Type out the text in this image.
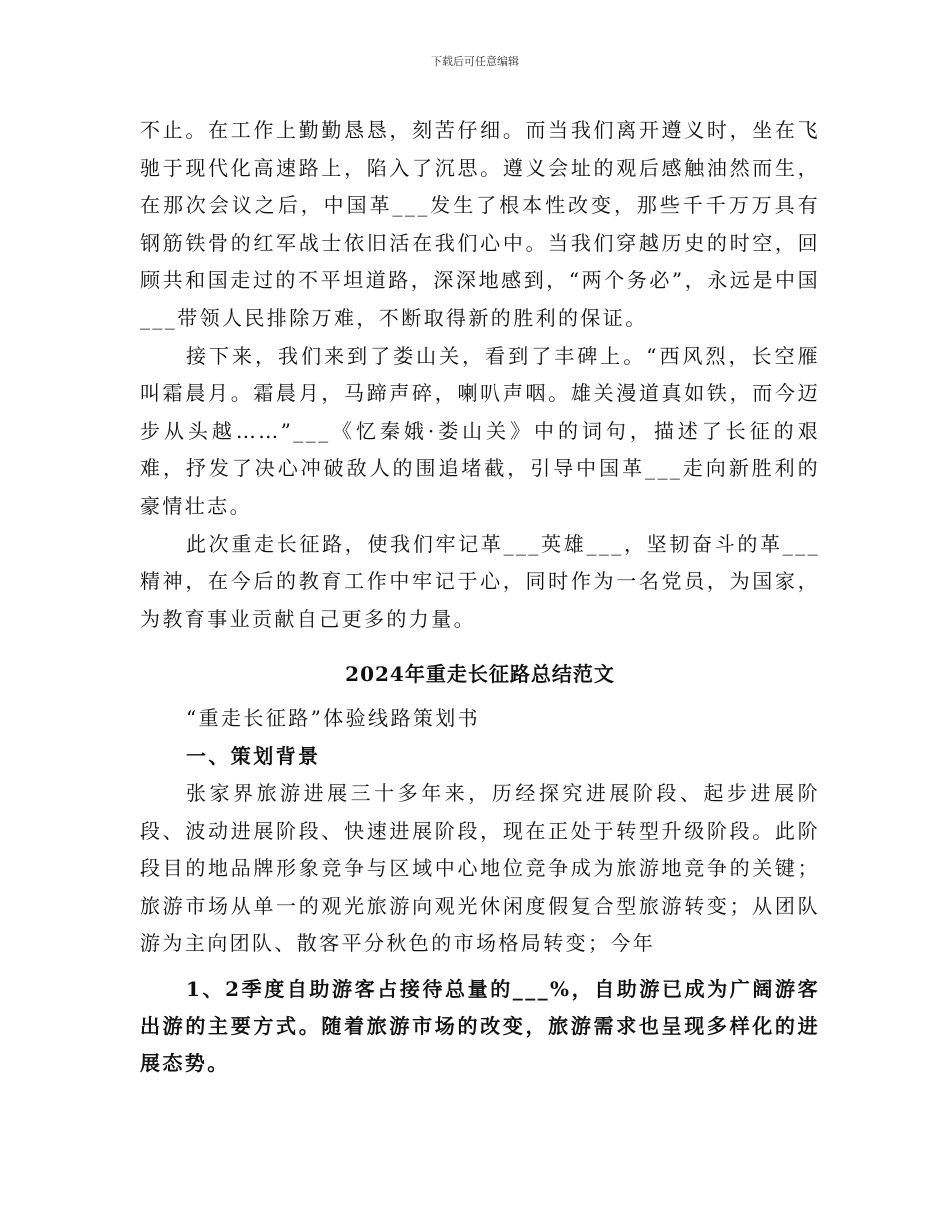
下载后可任意编辑

不止。在工作上勤勤恳恳，刻苦仔细。而当我们离开遵义时，坐在飞驰于现代化高速路上，陷入了沉思。遵义会址的观后感触油然而生，在那次会议之后，中国革___发生了根本性改变，那些千千万万具有钢筋铁骨的红军战士依旧活在我们心中。当我们穿越历史的时空，回顾共和国走过的不平坦道路，深深地感到，“两个务必”，永远是中国___带领人民排除万难，不断取得新的胜利的保证。

接下来，我们来到了娄山关，看到了丰碑上。“西风烈，长空雁叫霜晨月。霜晨月，马蹄声碎，喇叭声咽。雄关漫道真如铁，而今迈步从头越……”___《忆秦娥·娄山关》中的词句，描述了长征的艰难，抒发了决心冲破敌人的围追堵截，引导中国革___走向新胜利的豪情壮志。

此次重走长征路，使我们牢记革___英雄___，坚韧奋斗的革___精神，在今后的教育工作中牢记于心，同时作为一名党员，为国家，为教育事业贡献自己更多的力量。

2024年重走长征路总结范文

“重走长征路”体验线路策划书

一、策划背景

张家界旅游进展三十多年来，历经探究进展阶段、起步进展阶段、波动进展阶段、快速进展阶段，现在正处于转型升级阶段。此阶段目的地品牌形象竞争与区域中心地位竞争成为旅游地竞争的关键；旅游市场从单一的观光旅游向观光休闲度假复合型旅游转变；从团队游为主向团队、散客平分秋色的市场格局转变；今年

1、2季度自助游客占接待总量的___%，自助游已成为广阔游客出游的主要方式。随着旅游市场的改变，旅游需求也呈现多样化的进展态势。
